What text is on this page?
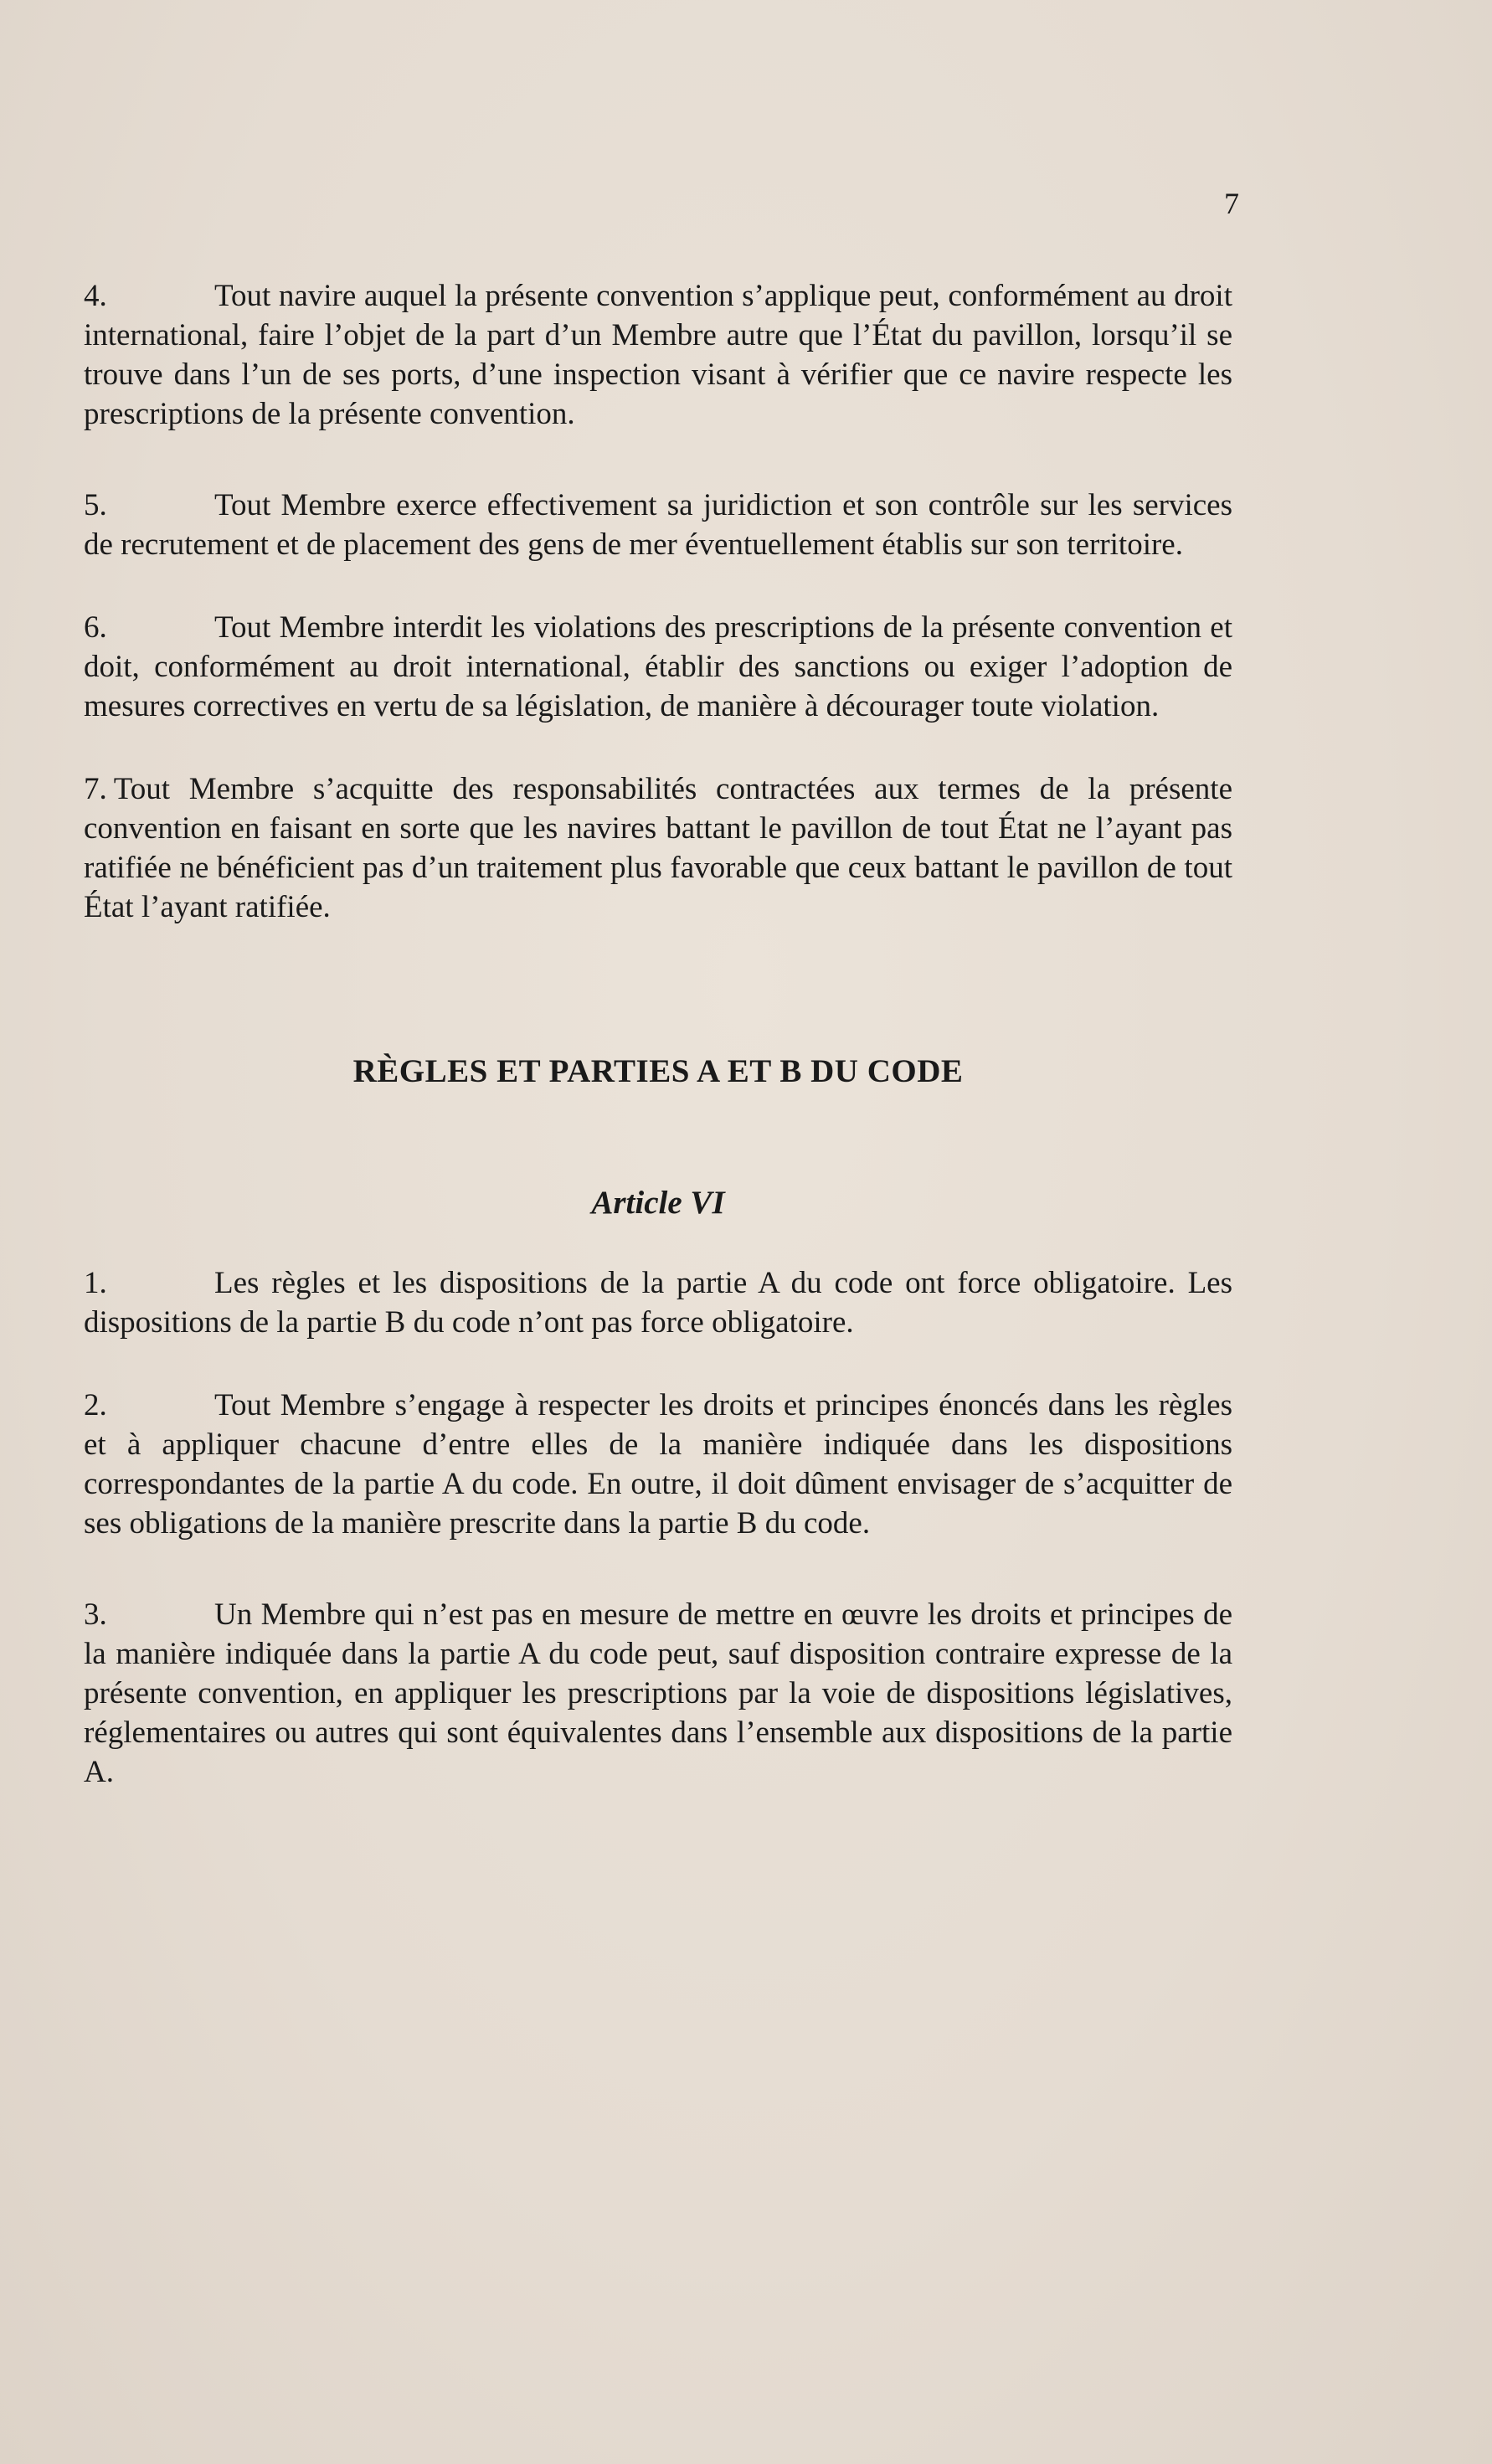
7

4.	Tout navire auquel la présente convention s’applique peut, conformément au droit international, faire l’objet de la part d’un Membre autre que l’État du pavillon, lorsqu’il se trouve dans l’un de ses ports, d’une inspection visant à vérifier que ce navire respecte les prescriptions de la présente convention.

5.	Tout Membre exerce effectivement sa juridiction et son contrôle sur les services de recrutement et de placement des gens de mer éventuellement établis sur son territoire.

6.	Tout Membre interdit les violations des prescriptions de la présente convention et doit, conformément au droit international, établir des sanctions ou exiger l’adoption de mesures correctives en vertu de sa législation, de manière à décourager toute violation.

7. Tout Membre s’acquitte des responsabilités contractées aux termes de la présente convention en faisant en sorte que les navires battant le pavillon de tout État ne l’ayant pas ratifiée ne bénéficient pas d’un traitement plus favorable que ceux battant le pavillon de tout État l’ayant ratifiée.

RÈGLES ET PARTIES A ET B DU CODE
Article VI

1.	Les règles et les dispositions de la partie A du code ont force obligatoire. Les dispositions de la partie B du code n’ont pas force obligatoire.

2.	Tout Membre s’engage à respecter les droits et principes énoncés dans les règles et à appliquer chacune d’entre elles de la manière indiquée dans les dispositions correspondantes de la partie A du code. En outre, il doit dûment envisager de s’acquitter de ses obligations de la manière prescrite dans la partie B du code.

3.	Un Membre qui n’est pas en mesure de mettre en œuvre les droits et principes de la manière indiquée dans la partie A du code peut, sauf disposition contraire expresse de la présente convention, en appliquer les prescriptions par la voie de dispositions législatives, réglementaires ou autres qui sont équivalentes dans l’ensemble aux dispositions de la partie A.
